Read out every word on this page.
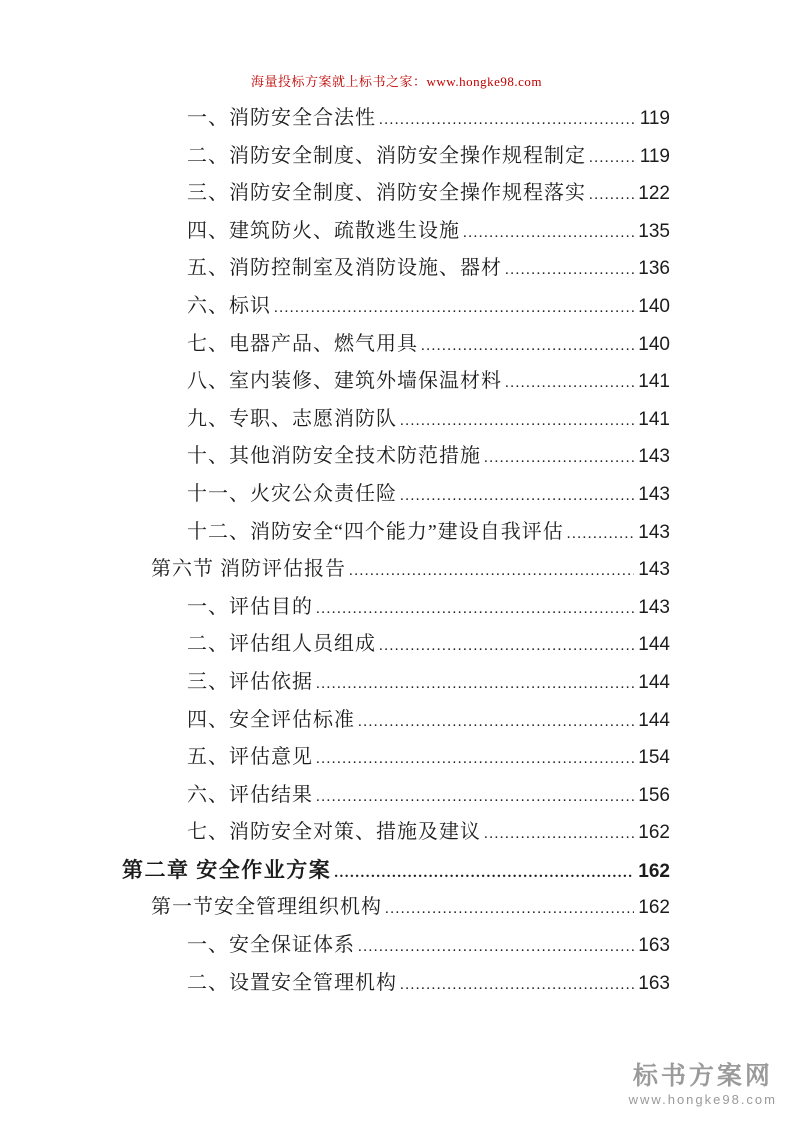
海量投标方案就上标书之家：www.hongke98.com
一、消防安全合法性 .....	119
二、消防安全制度、消防安全操作规程制定 .....	119
三、消防安全制度、消防安全操作规程落实 .....	122
四、建筑防火、疏散逃生设施 .....	135
五、消防控制室及消防设施、器材 .....	136
六、标识 .....	140
七、电器产品、燃气用具 .....	140
八、室内装修、建筑外墙保温材料 .....	141
九、专职、志愿消防队 .....	141
十、其他消防安全技术防范措施 .....	143
十一、火灾公众责任险 .....	143
十二、消防安全“四个能力”建设自我评估 .....	143
第六节 消防评估报告 .....	143
一、评估目的 .....	143
二、评估组人员组成 .....	144
三、评估依据 .....	144
四、安全评估标准 .....	144
五、评估意见 .....	154
六、评估结果 .....	156
七、消防安全对策、措施及建议 .....	162
第二章 安全作业方案 .....	162
第一节安全管理组织机构 .....	162
一、安全保证体系 .....	163
二、设置安全管理机构 .....	163
标书方案网
www.hongke98.com
